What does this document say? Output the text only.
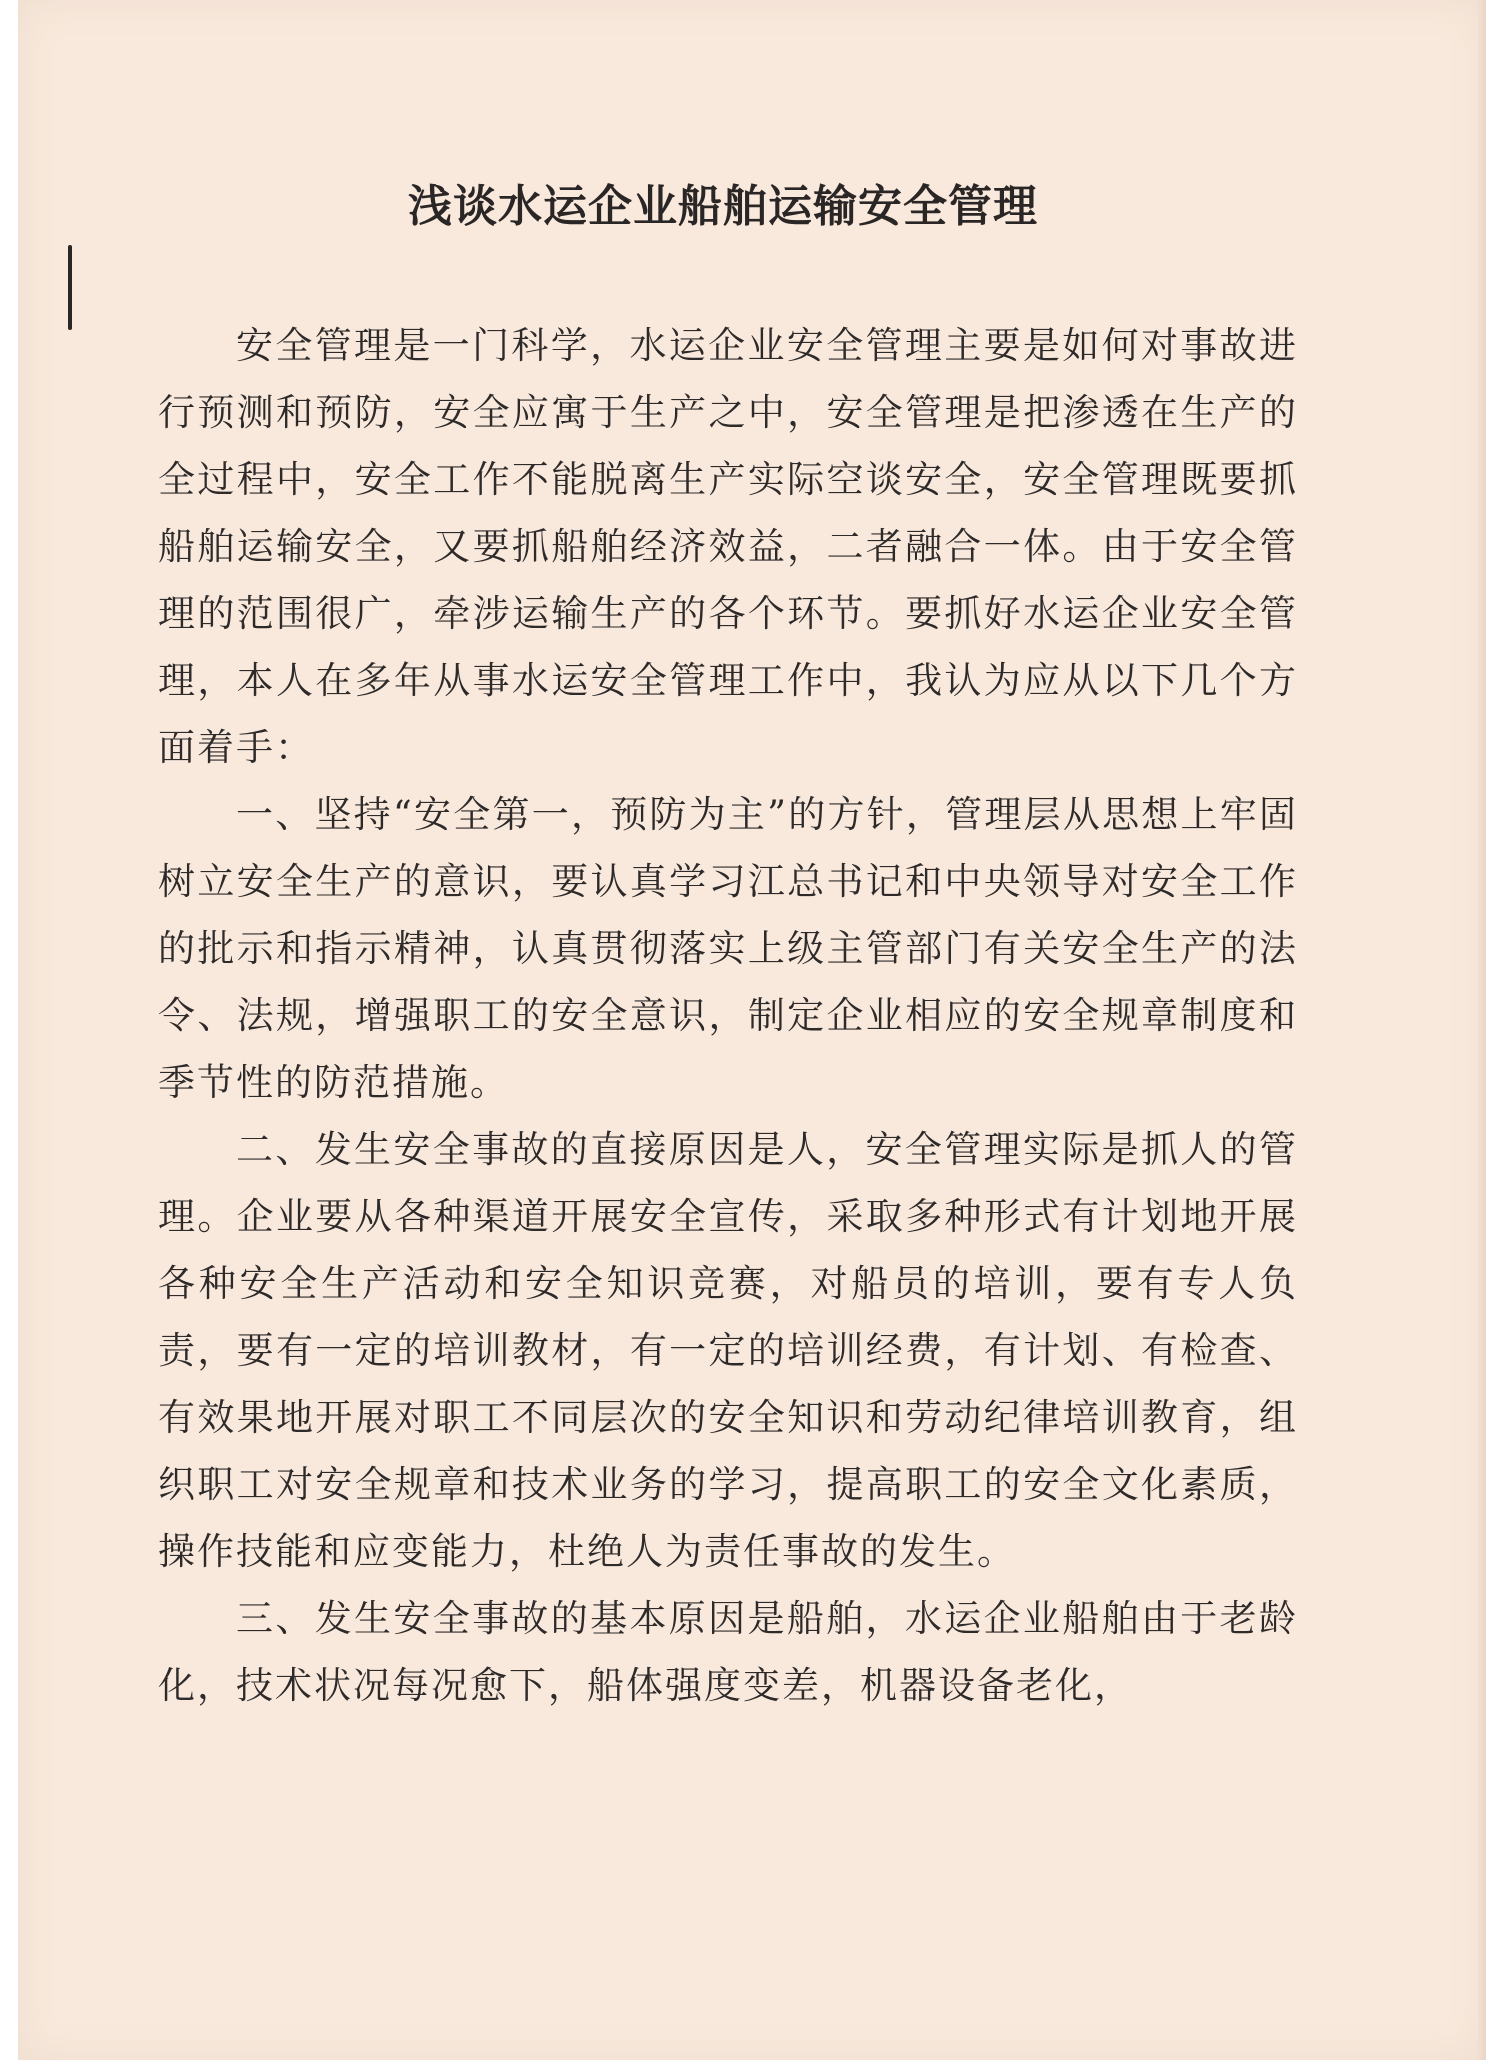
浅谈水运企业船舶运输安全管理

安全管理是一门科学，水运企业安全管理主要是如何对事故进行预测和预防，安全应寓于生产之中，安全管理是把渗透在生产的全过程中，安全工作不能脱离生产实际空谈安全，安全管理既要抓船舶运输安全，又要抓船舶经济效益，二者融合一体。由于安全管理的范围很广，牵涉运输生产的各个环节。要抓好水运企业安全管理，本人在多年从事水运安全管理工作中，我认为应从以下几个方面着手：

一、坚持“安全第一，预防为主”的方针，管理层从思想上牢固树立安全生产的意识，要认真学习江总书记和中央领导对安全工作的批示和指示精神，认真贯彻落实上级主管部门有关安全生产的法令、法规，增强职工的安全意识，制定企业相应的安全规章制度和季节性的防范措施。

二、发生安全事故的直接原因是人，安全管理实际是抓人的管理。企业要从各种渠道开展安全宣传，采取多种形式有计划地开展各种安全生产活动和安全知识竞赛，对船员的培训，要有专人负责，要有一定的培训教材，有一定的培训经费，有计划、有检查、有效果地开展对职工不同层次的安全知识和劳动纪律培训教育，组织职工对安全规章和技术业务的学习，提高职工的安全文化素质，操作技能和应变能力，杜绝人为责任事故的发生。

三、发生安全事故的基本原因是船舶，水运企业船舶由于老龄化，技术状况每况愈下，船体强度变差，机器设备老化，
